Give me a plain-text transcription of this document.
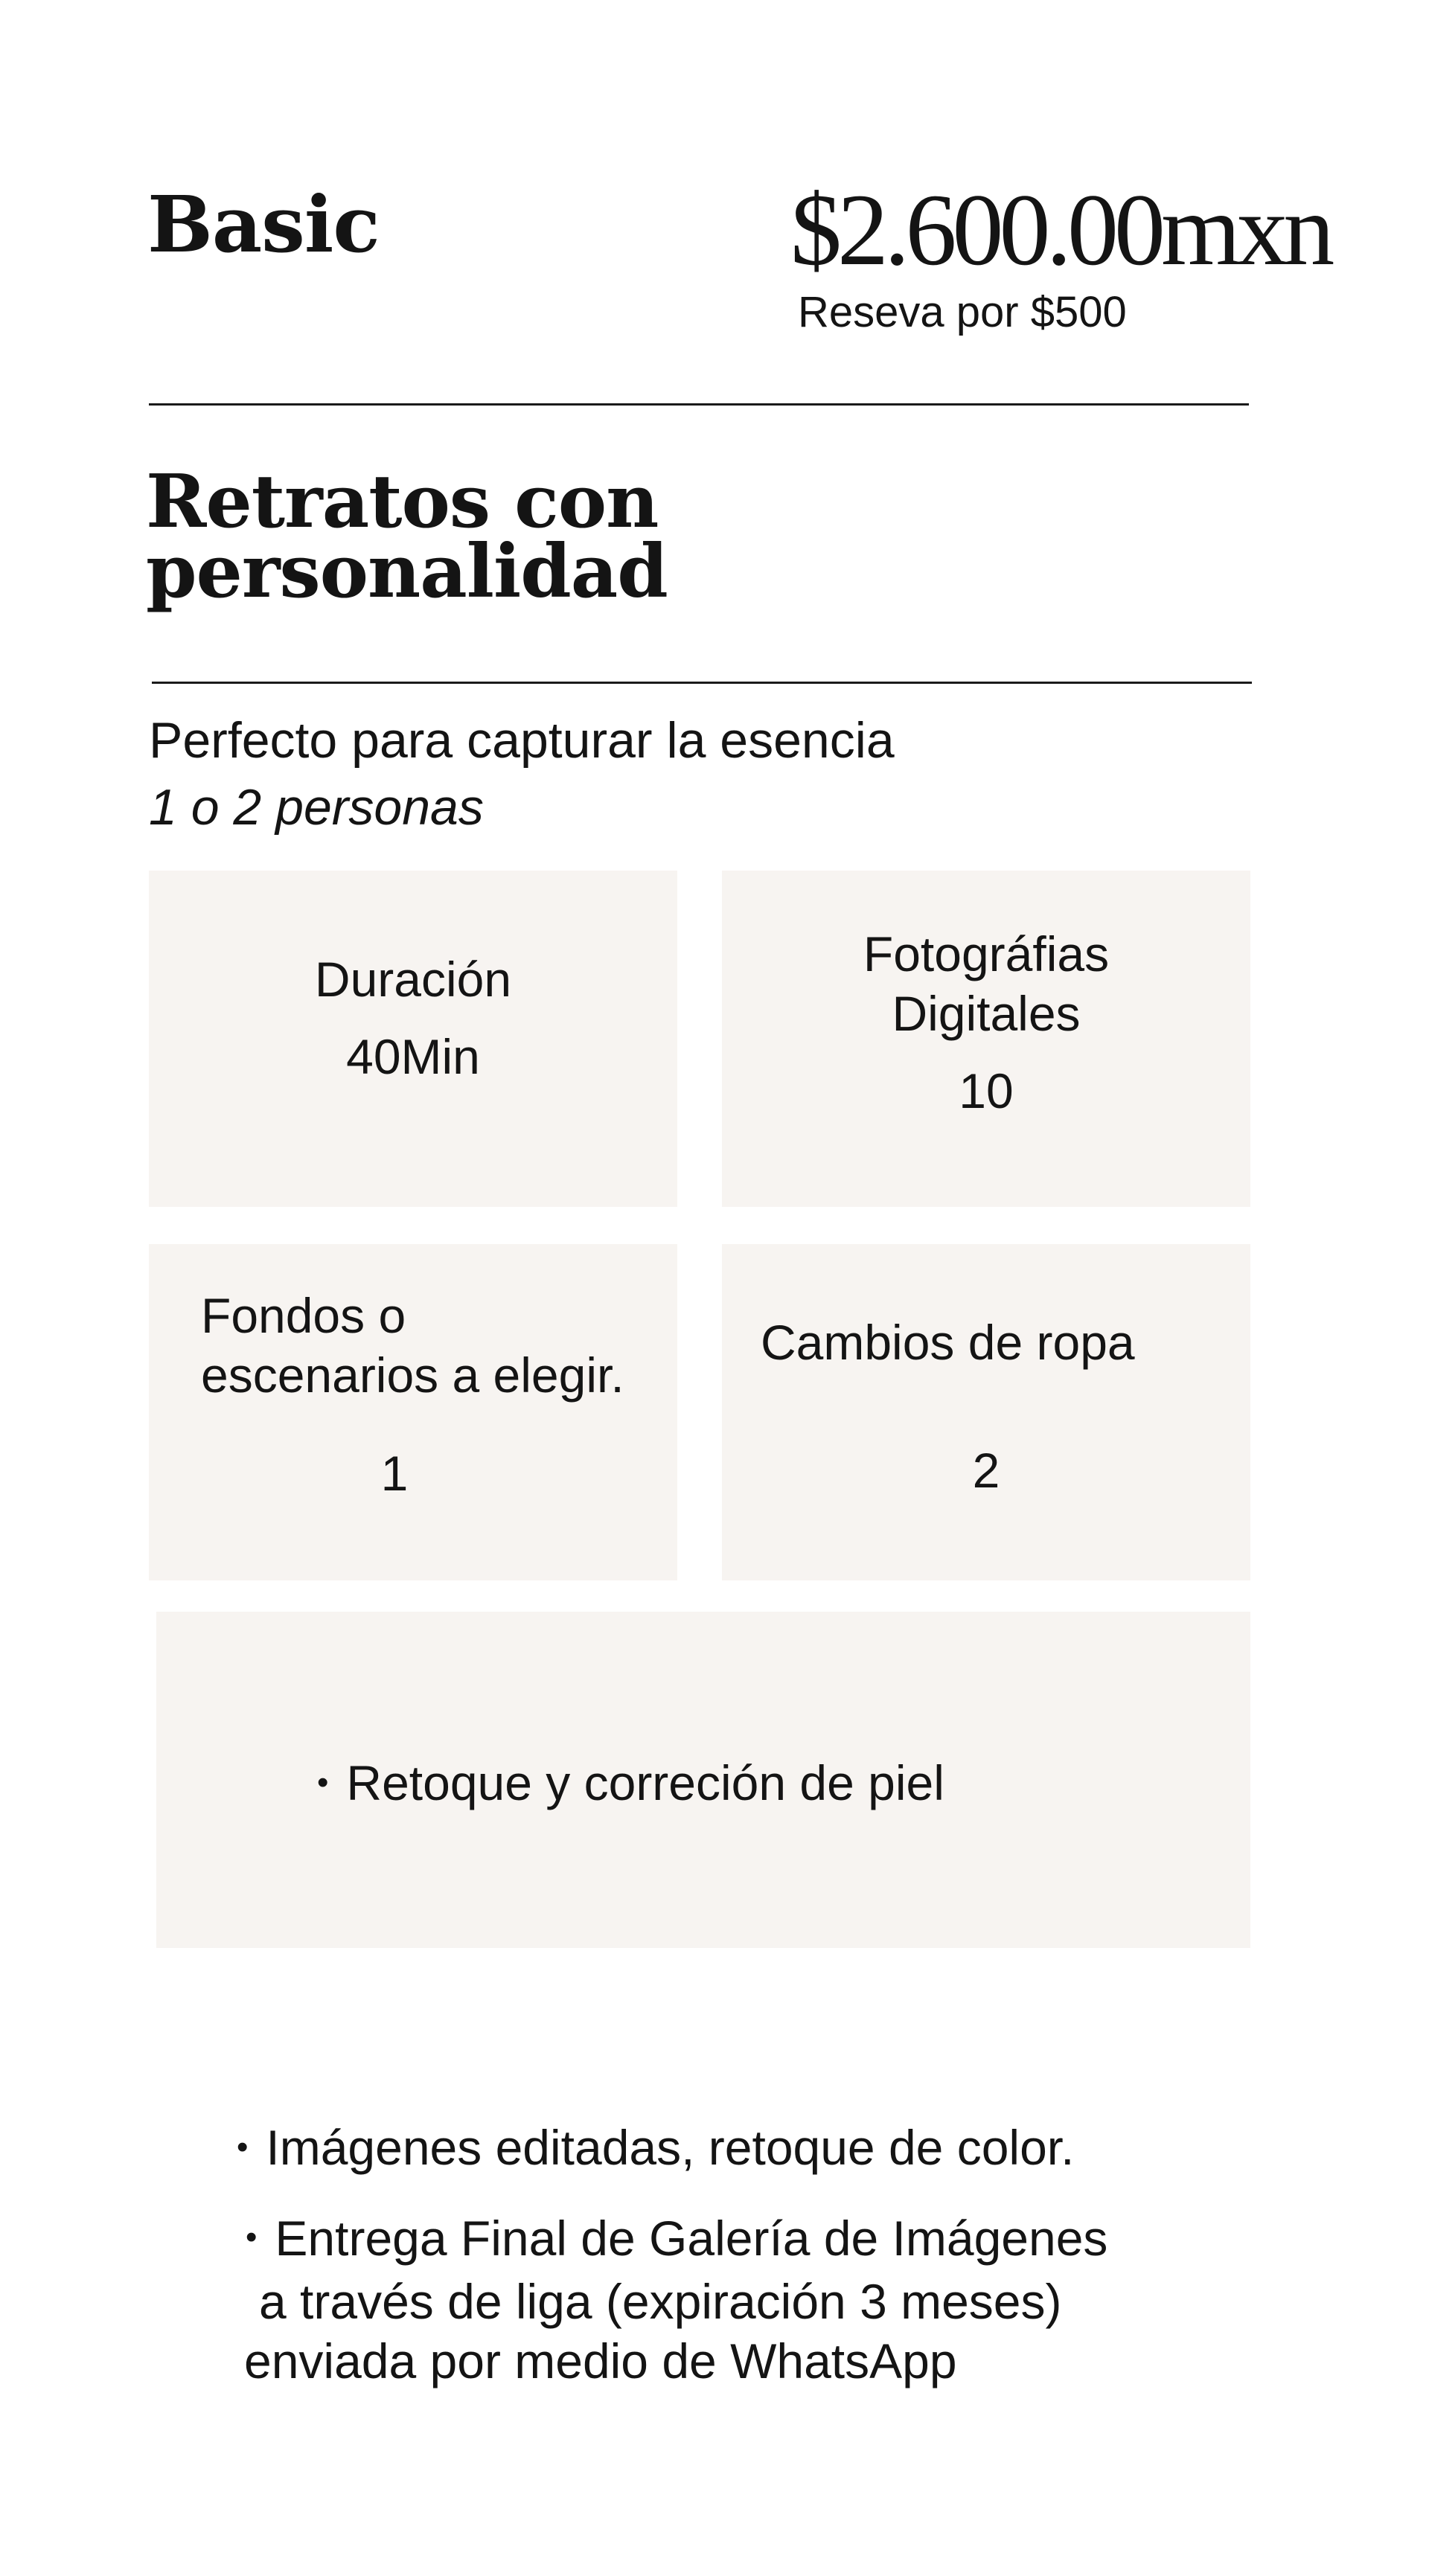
Basic	$2.600.00mxn
Reseva por $500
Retratos con
personalidad
Perfecto para capturar la esencia
1 o 2 personas
Duración
40Min
Fotográfias
Digitales
10
Fondos o
escenarios a elegir.
1
Cambios de ropa
2
• Retoque y correción de piel
• Imágenes editadas, retoque de color.
• Entrega Final de Galería de Imágenes
a través de liga (expiración 3 meses)
enviada por medio de WhatsApp
